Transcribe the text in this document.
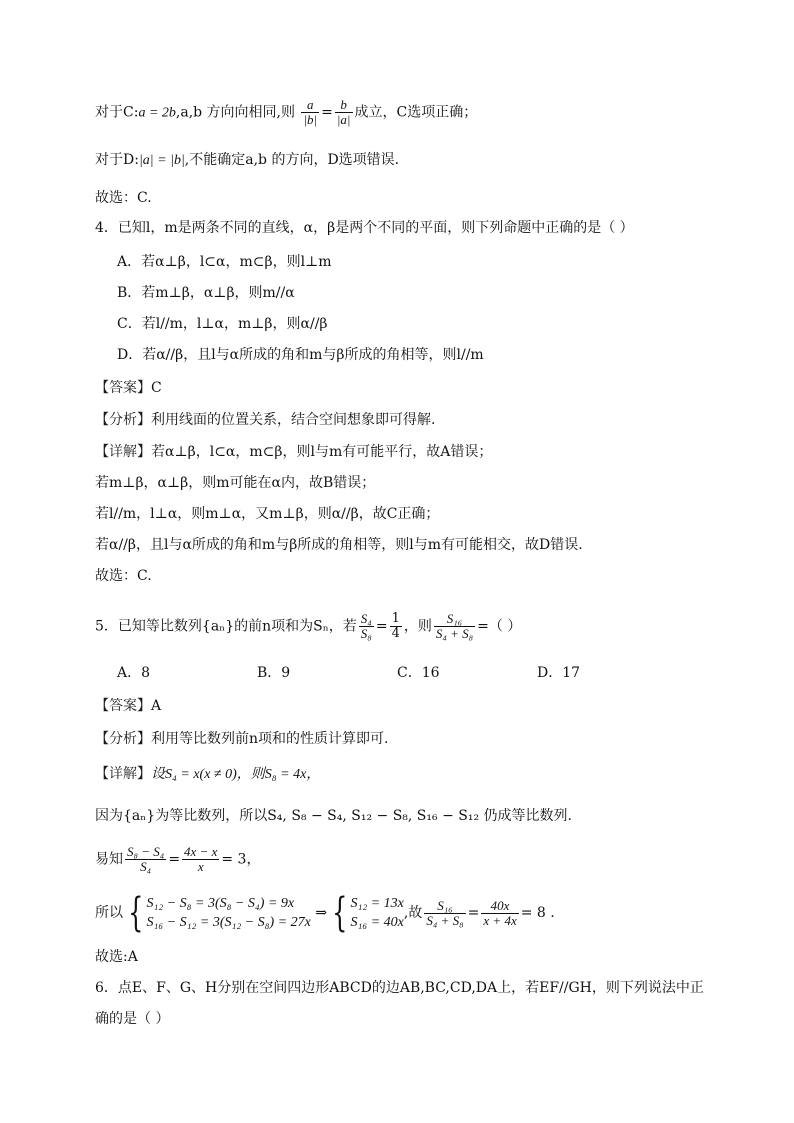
对于C:a = 2b,a,b 方向向相同,则 $\frac{a}{|b|} = \frac{b}{|a|}$ 成立，C选项正确；
对于D:|a| = |b|,不能确定a,b 的方向，D选项错误.
故选：C.
4．已知l，m是两条不同的直线，α，β是两个不同的平面，则下列命题中正确的是（ ）
A．若α⊥β，l⊂α，m⊂β，则l⊥m
B．若m⊥β，α⊥β，则m//α
C．若l//m，l⊥α，m⊥β，则α//β
D．若α//β，且l与α所成的角和m与β所成的角相等，则l//m
【答案】C
【分析】利用线面的位置关系，结合空间想象即可得解.
【详解】若α⊥β，l⊂α，m⊂β，则l与m有可能平行，故A错误；
若m⊥β，α⊥β，则m可能在α内，故B错误；
若l//m，l⊥α，则m⊥α，又m⊥β，则α//β，故C正确；
若α//β，且l与α所成的角和m与β所成的角相等，则l与m有可能相交，故D错误.
故选：C.
5．已知等比数列{aₙ}的前n项和为Sₙ，若 $\frac{\text{S₄}}{\text{S₈}} = \frac{1}{4}$ ，则 $\frac{\text{S₁₆}}{\text{S₄ + S₈}}$ =（ ）
A．8	B．9	C．16	D．17
【答案】A
【分析】利用等比数列前n项和的性质计算即可.
【详解】设S₄ = x(x ≠ 0)，则S₈ = 4x，
因为{aₙ}为等比数列，所以S₄, S₈ − S₄, S₁₂ − S₈, S₁₆ − S₁₂ 仍成等比数列.
易知 $\frac{\text{S₈ − S₄}}{\text{S₄}} = \frac{4x - x}{x} = 3$，
所以 { S₁₂ − S₈ = 3(S₈ − S₄) = 9x
S₁₆ − S₁₂ = 3(S₁₂ − S₈) = 27x
⇒ { S₁₂ = 13x
S₁₆ = 40x
,故 $\frac{\text{S₁₆}}{\text{S₄ + S₈}} = \frac{40x}{x + 4x} = 8$ .
故选:A
6．点E、F、G、H分别在空间四边形ABCD的边AB,BC,CD,DA上，若EF//GH，则下列说法中正
确的是（ ）
